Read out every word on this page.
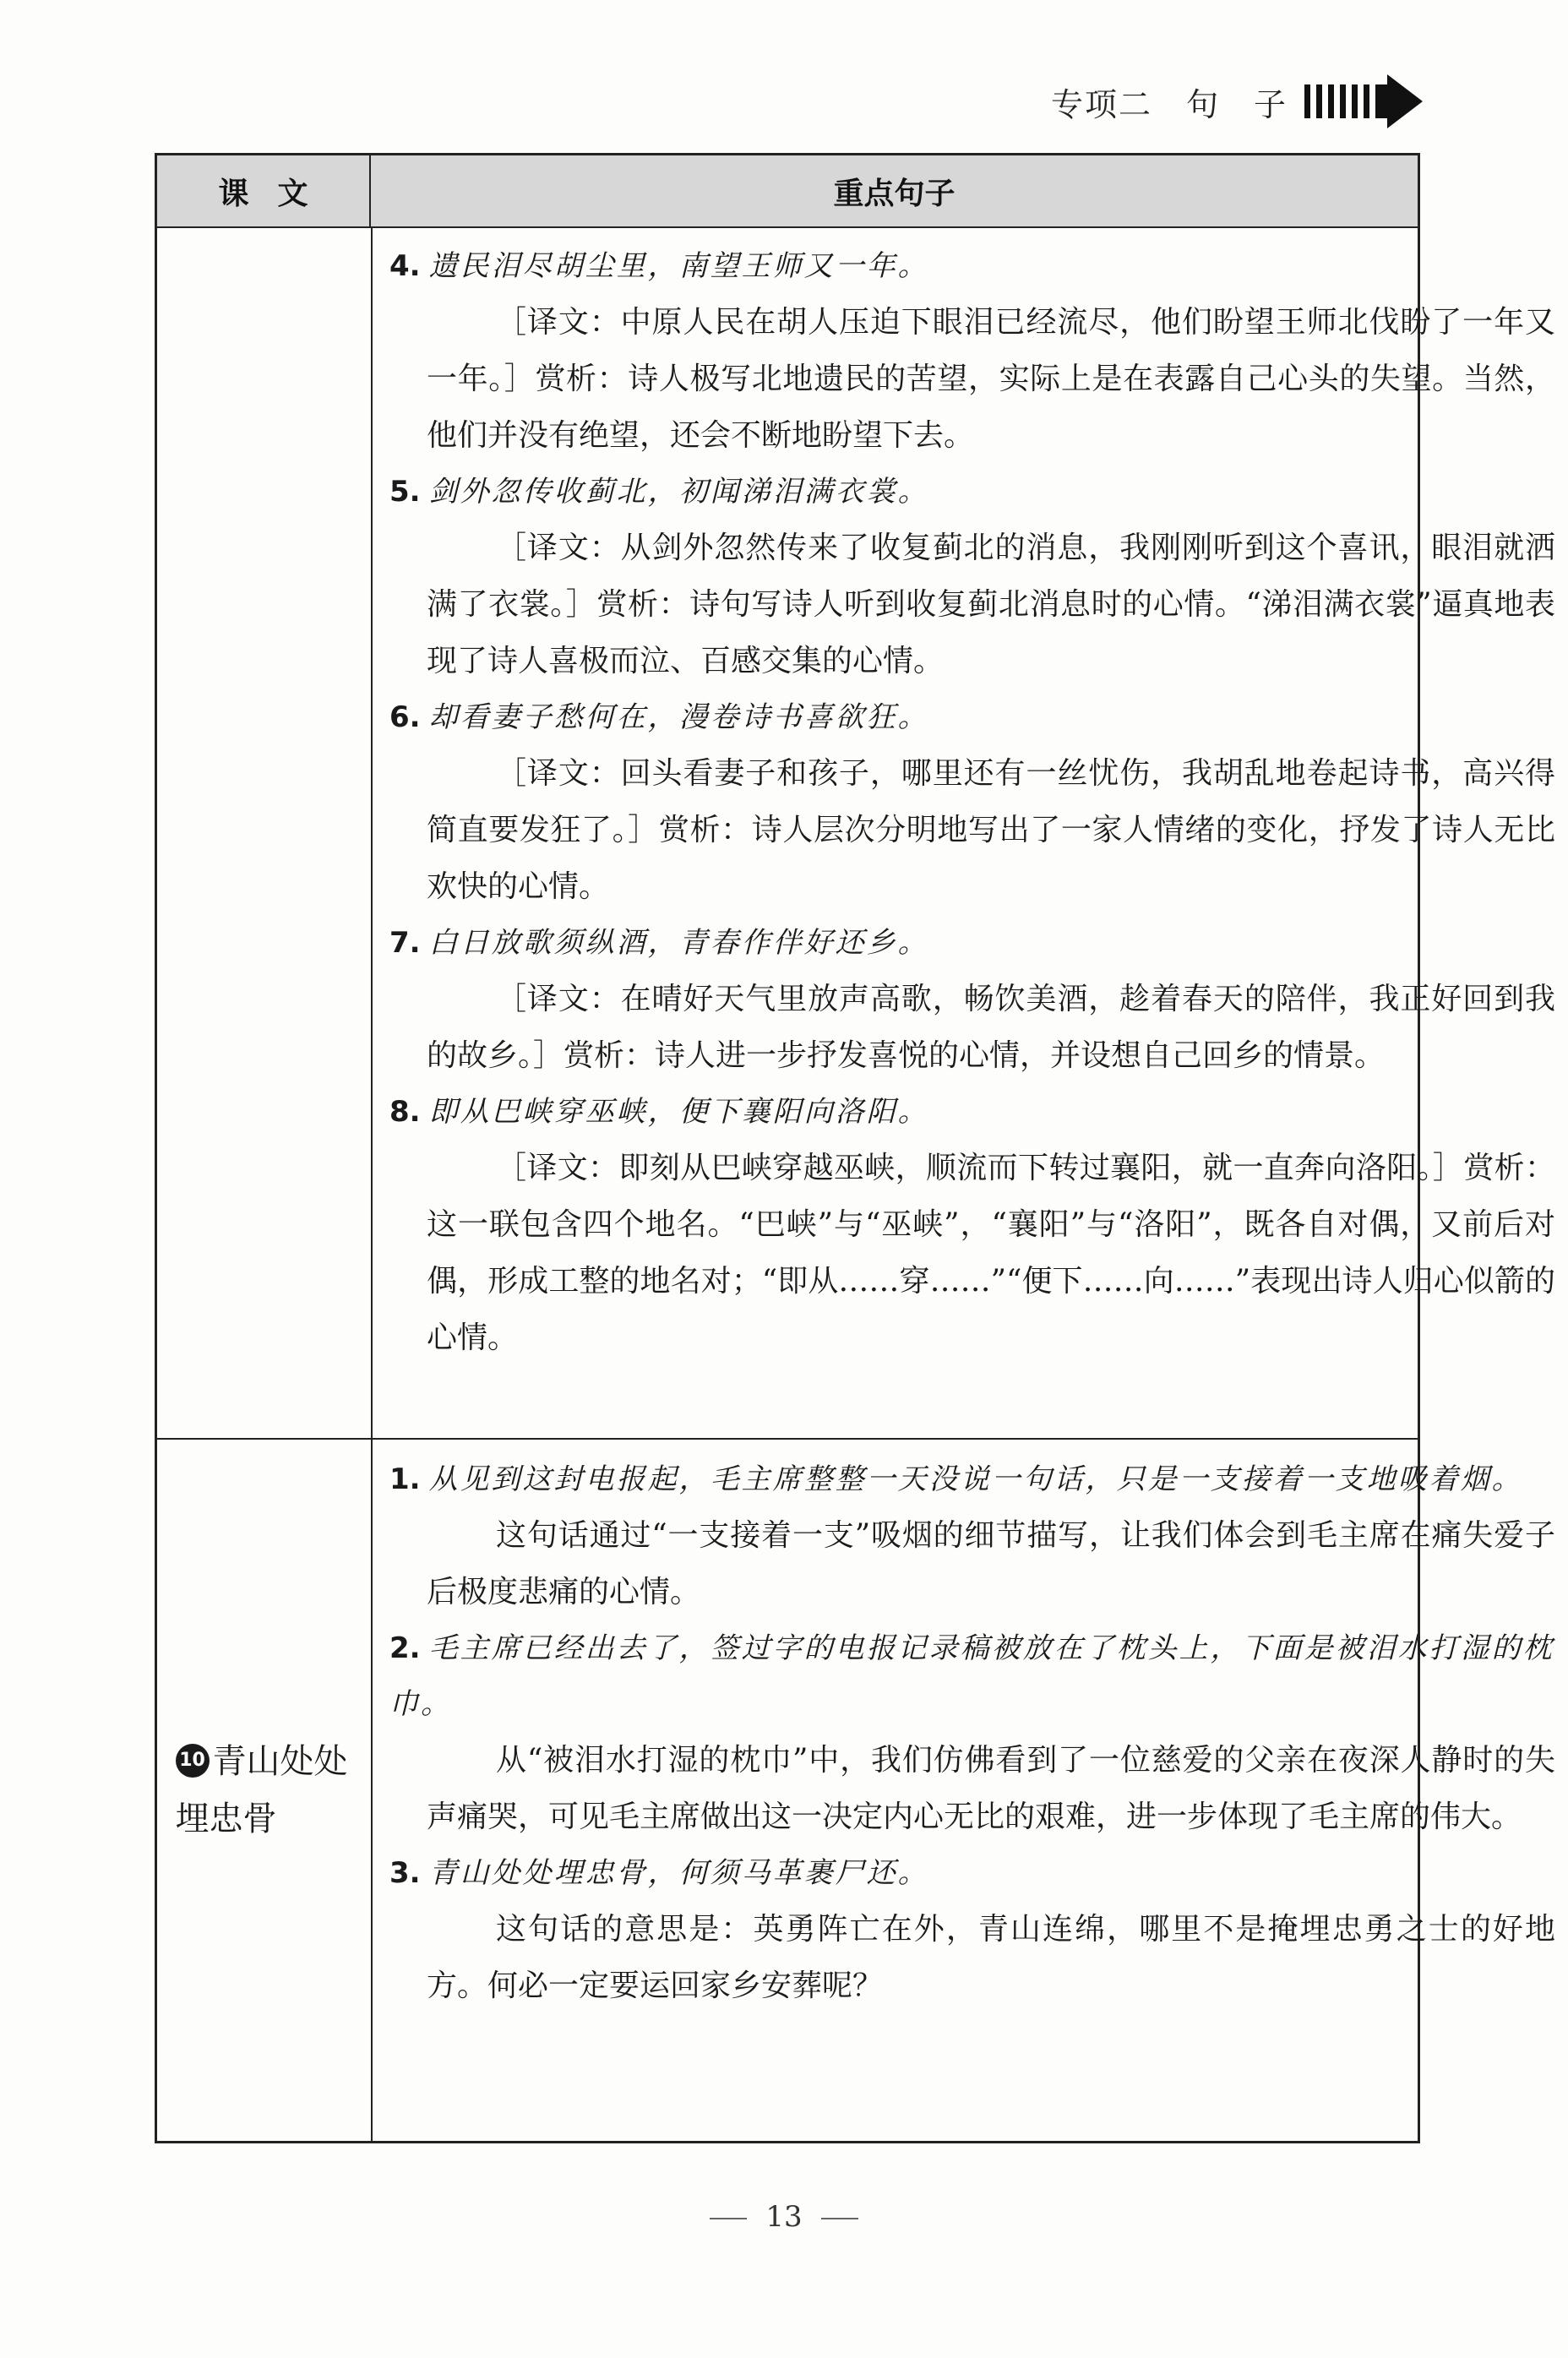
专项二　句　子
课文	重点句子
4. 遗民泪尽胡尘里，南望王师又一年。
［译文：中原人民在胡人压迫下眼泪已经流尽，他们盼望王师北伐盼了一年又一年。］赏析：诗人极写北地遗民的苦望，实际上是在表露自己心头的失望。当然，他们并没有绝望，还会不断地盼望下去。
5. 剑外忽传收蓟北，初闻涕泪满衣裳。
［译文：从剑外忽然传来了收复蓟北的消息，我刚刚听到这个喜讯，眼泪就洒满了衣裳。］赏析：诗句写诗人听到收复蓟北消息时的心情。“涕泪满衣裳”逼真地表现了诗人喜极而泣、百感交集的心情。
6. 却看妻子愁何在，漫卷诗书喜欲狂。
［译文：回头看妻子和孩子，哪里还有一丝忧伤，我胡乱地卷起诗书，高兴得简直要发狂了。］赏析：诗人层次分明地写出了一家人情绪的变化，抒发了诗人无比欢快的心情。
7. 白日放歌须纵酒，青春作伴好还乡。
［译文：在晴好天气里放声高歌，畅饮美酒，趁着春天的陪伴，我正好回到我的故乡。］赏析：诗人进一步抒发喜悦的心情，并设想自己回乡的情景。
8. 即从巴峡穿巫峡，便下襄阳向洛阳。
［译文：即刻从巴峡穿越巫峡，顺流而下转过襄阳，就一直奔向洛阳。］赏析：这一联包含四个地名。“巴峡”与“巫峡”，“襄阳”与“洛阳”，既各自对偶，又前后对偶，形成工整的地名对；“即从……穿……”“便下……向……”表现出诗人归心似箭的心情。
10 青山处处埋忠骨
1. 从见到这封电报起，毛主席整整一天没说一句话，只是一支接着一支地吸着烟。
这句话通过“一支接着一支”吸烟的细节描写，让我们体会到毛主席在痛失爱子后极度悲痛的心情。
2. 毛主席已经出去了，签过字的电报记录稿被放在了枕头上，下面是被泪水打湿的枕巾。
从“被泪水打湿的枕巾”中，我们仿佛看到了一位慈爱的父亲在夜深人静时的失声痛哭，可见毛主席做出这一决定内心无比的艰难，进一步体现了毛主席的伟大。
3. 青山处处埋忠骨，何须马革裹尸还。
这句话的意思是：英勇阵亡在外，青山连绵，哪里不是掩埋忠勇之士的好地方。何必一定要运回家乡安葬呢？
13
